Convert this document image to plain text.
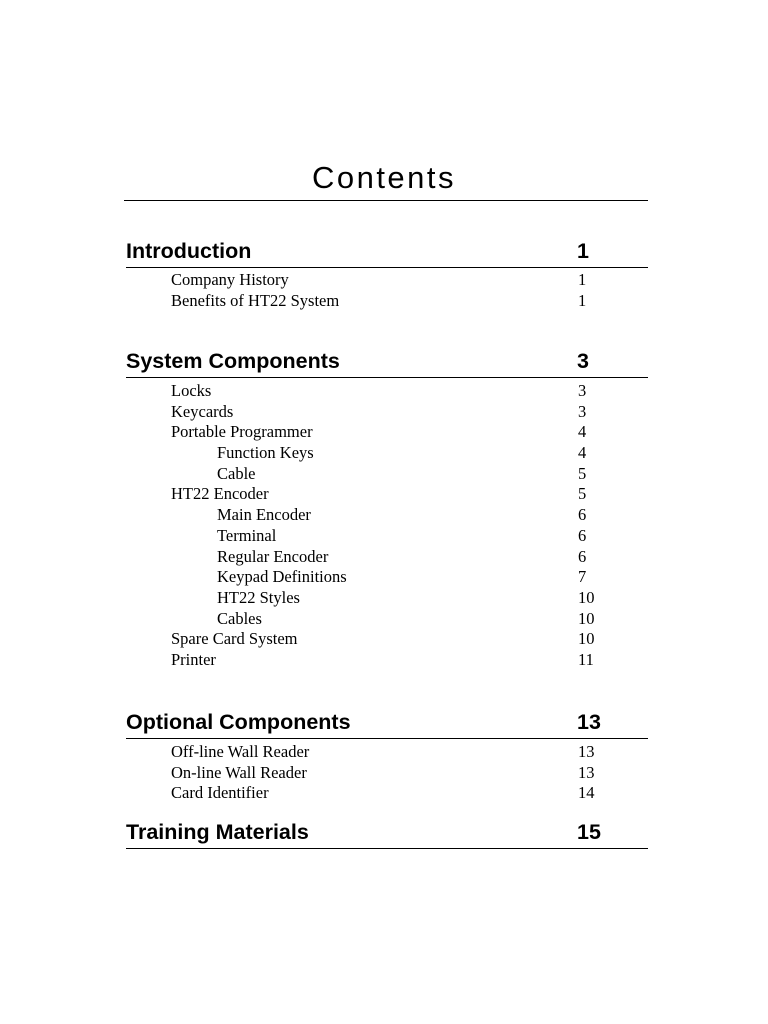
Contents
Introduction	1
Company History	1
Benefits of HT22 System	1
System Components	3
Locks	3
Keycards	3
Portable Programmer	4
Function Keys	4
Cable	5
HT22 Encoder	5
Main Encoder	6
Terminal	6
Regular Encoder	6
Keypad Definitions	7
HT22 Styles	10
Cables	10
Spare Card System	10
Printer	11
Optional Components	13
Off-line Wall Reader	13
On-line Wall Reader	13
Card Identifier	14
Training Materials	15
